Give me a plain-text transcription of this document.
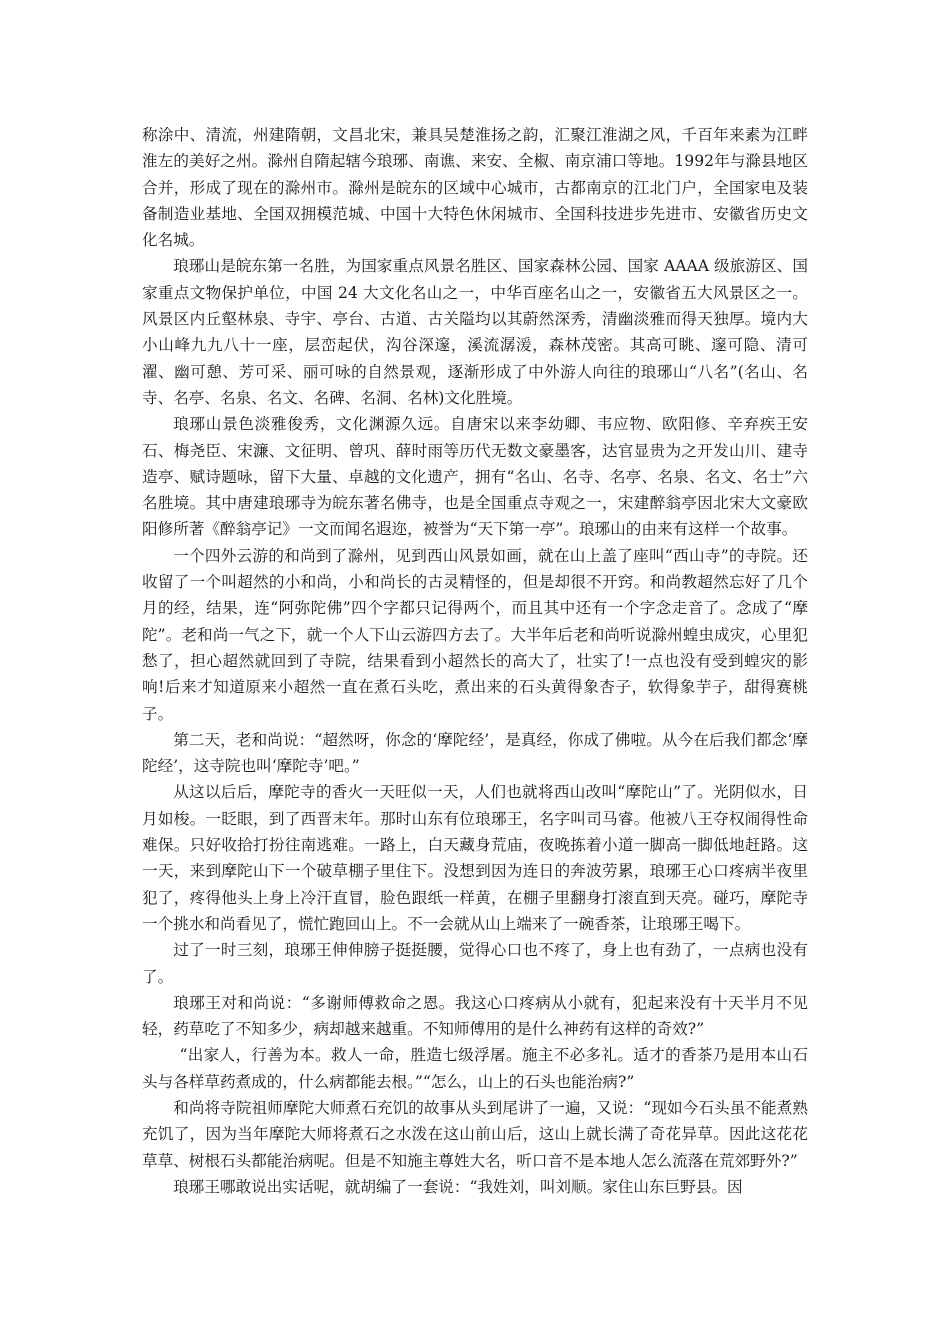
称涂中、清流，州建隋朝，文昌北宋，兼具吴楚淮扬之韵，汇聚江淮湖之风，千百年来素为江畔淮左的美好之州。滁州自隋起辖今琅琊、南谯、来安、全椒、南京浦口等地。1992年与滁县地区合并，形成了现在的滁州市。滁州是皖东的区域中心城市，古都南京的江北门户，全国家电及装备制造业基地、全国双拥模范城、中国十大特色休闲城市、全国科技进步先进市、安徽省历史文化名城。

琅琊山是皖东第一名胜，为国家重点风景名胜区、国家森林公园、国家 AAAA 级旅游区、国家重点文物保护单位，中国 24 大文化名山之一，中华百座名山之一，安徽省五大风景区之一。风景区内丘壑林泉、寺宇、亭台、古道、古关隘均以其蔚然深秀，清幽淡雅而得天独厚。境内大小山峰九九八十一座，层峦起伏，沟谷深邃，溪流潺湲，森林茂密。其高可眺、邃可隐、清可濯、幽可憩、芳可采、丽可咏的自然景观，逐渐形成了中外游人向往的琅琊山“八名”(名山、名寺、名亭、名泉、名文、名碑、名洞、名林)文化胜境。

琅琊山景色淡雅俊秀，文化渊源久远。自唐宋以来李幼卿、韦应物、欧阳修、辛弃疾王安石、梅尧臣、宋濂、文征明、曾巩、薛时雨等历代无数文豪墨客，达官显贵为之开发山川、建寺造亭、赋诗题咏，留下大量、卓越的文化遗产，拥有“名山、名寺、名亭、名泉、名文、名士”六名胜境。其中唐建琅琊寺为皖东著名佛寺，也是全国重点寺观之一，宋建醉翁亭因北宋大文豪欧阳修所著《醉翁亭记》一文而闻名遐迩，被誉为“天下第一亭”。琅琊山的由来有这样一个故事。

一个四外云游的和尚到了滁州，见到西山风景如画，就在山上盖了座叫“西山寺”的寺院。还收留了一个叫超然的小和尚，小和尚长的古灵精怪的，但是却很不开窍。和尚教超然忘好了几个月的经，结果，连“阿弥陀佛”四个字都只记得两个，而且其中还有一个字念走音了。念成了“摩陀”。老和尚一气之下，就一个人下山云游四方去了。大半年后老和尚听说滁州蝗虫成灾，心里犯愁了，担心超然就回到了寺院，结果看到小超然长的高大了，壮实了!一点也没有受到蝗灾的影响!后来才知道原来小超然一直在煮石头吃，煮出来的石头黄得象杏子，软得象芋子，甜得赛桃子。

第二天，老和尚说：“超然呀，你念的‘摩陀经’，是真经，你成了佛啦。从今在后我们都念‘摩陀经’，这寺院也叫‘摩陀寺’吧。”

从这以后后，摩陀寺的香火一天旺似一天，人们也就将西山改叫“摩陀山”了。光阴似水，日月如梭。一眨眼，到了西晋末年。那时山东有位琅琊王，名字叫司马睿。他被八王夺权闹得性命难保。只好收拾打扮往南逃难。一路上，白天藏身荒庙，夜晚拣着小道一脚高一脚低地赶路。这一天，来到摩陀山下一个破草棚子里住下。没想到因为连日的奔波劳累，琅琊王心口疼病半夜里犯了，疼得他头上身上冷汗直冒，脸色跟纸一样黄，在棚子里翻身打滚直到天亮。碰巧，摩陀寺一个挑水和尚看见了，慌忙跑回山上。不一会就从山上端来了一碗香茶，让琅琊王喝下。

过了一时三刻，琅琊王伸伸膀子挺挺腰，觉得心口也不疼了，身上也有劲了，一点病也没有了。

琅琊王对和尚说：“多谢师傅救命之恩。我这心口疼病从小就有，犯起来没有十天半月不见轻，药草吃了不知多少，病却越来越重。不知师傅用的是什么神药有这样的奇效?”

“出家人，行善为本。救人一命，胜造七级浮屠。施主不必多礼。适才的香茶乃是用本山石头与各样草药煮成的，什么病都能去根。”“怎么，山上的石头也能治病?”

和尚将寺院祖师摩陀大师煮石充饥的故事从头到尾讲了一遍，又说：“现如今石头虽不能煮熟充饥了，因为当年摩陀大师将煮石之水泼在这山前山后，这山上就长满了奇花异草。因此这花花草草、树根石头都能治病呢。但是不知施主尊姓大名，听口音不是本地人怎么流落在荒郊野外?”

琅琊王哪敢说出实话呢，就胡编了一套说：“我姓刘，叫刘顺。家住山东巨野县。因
